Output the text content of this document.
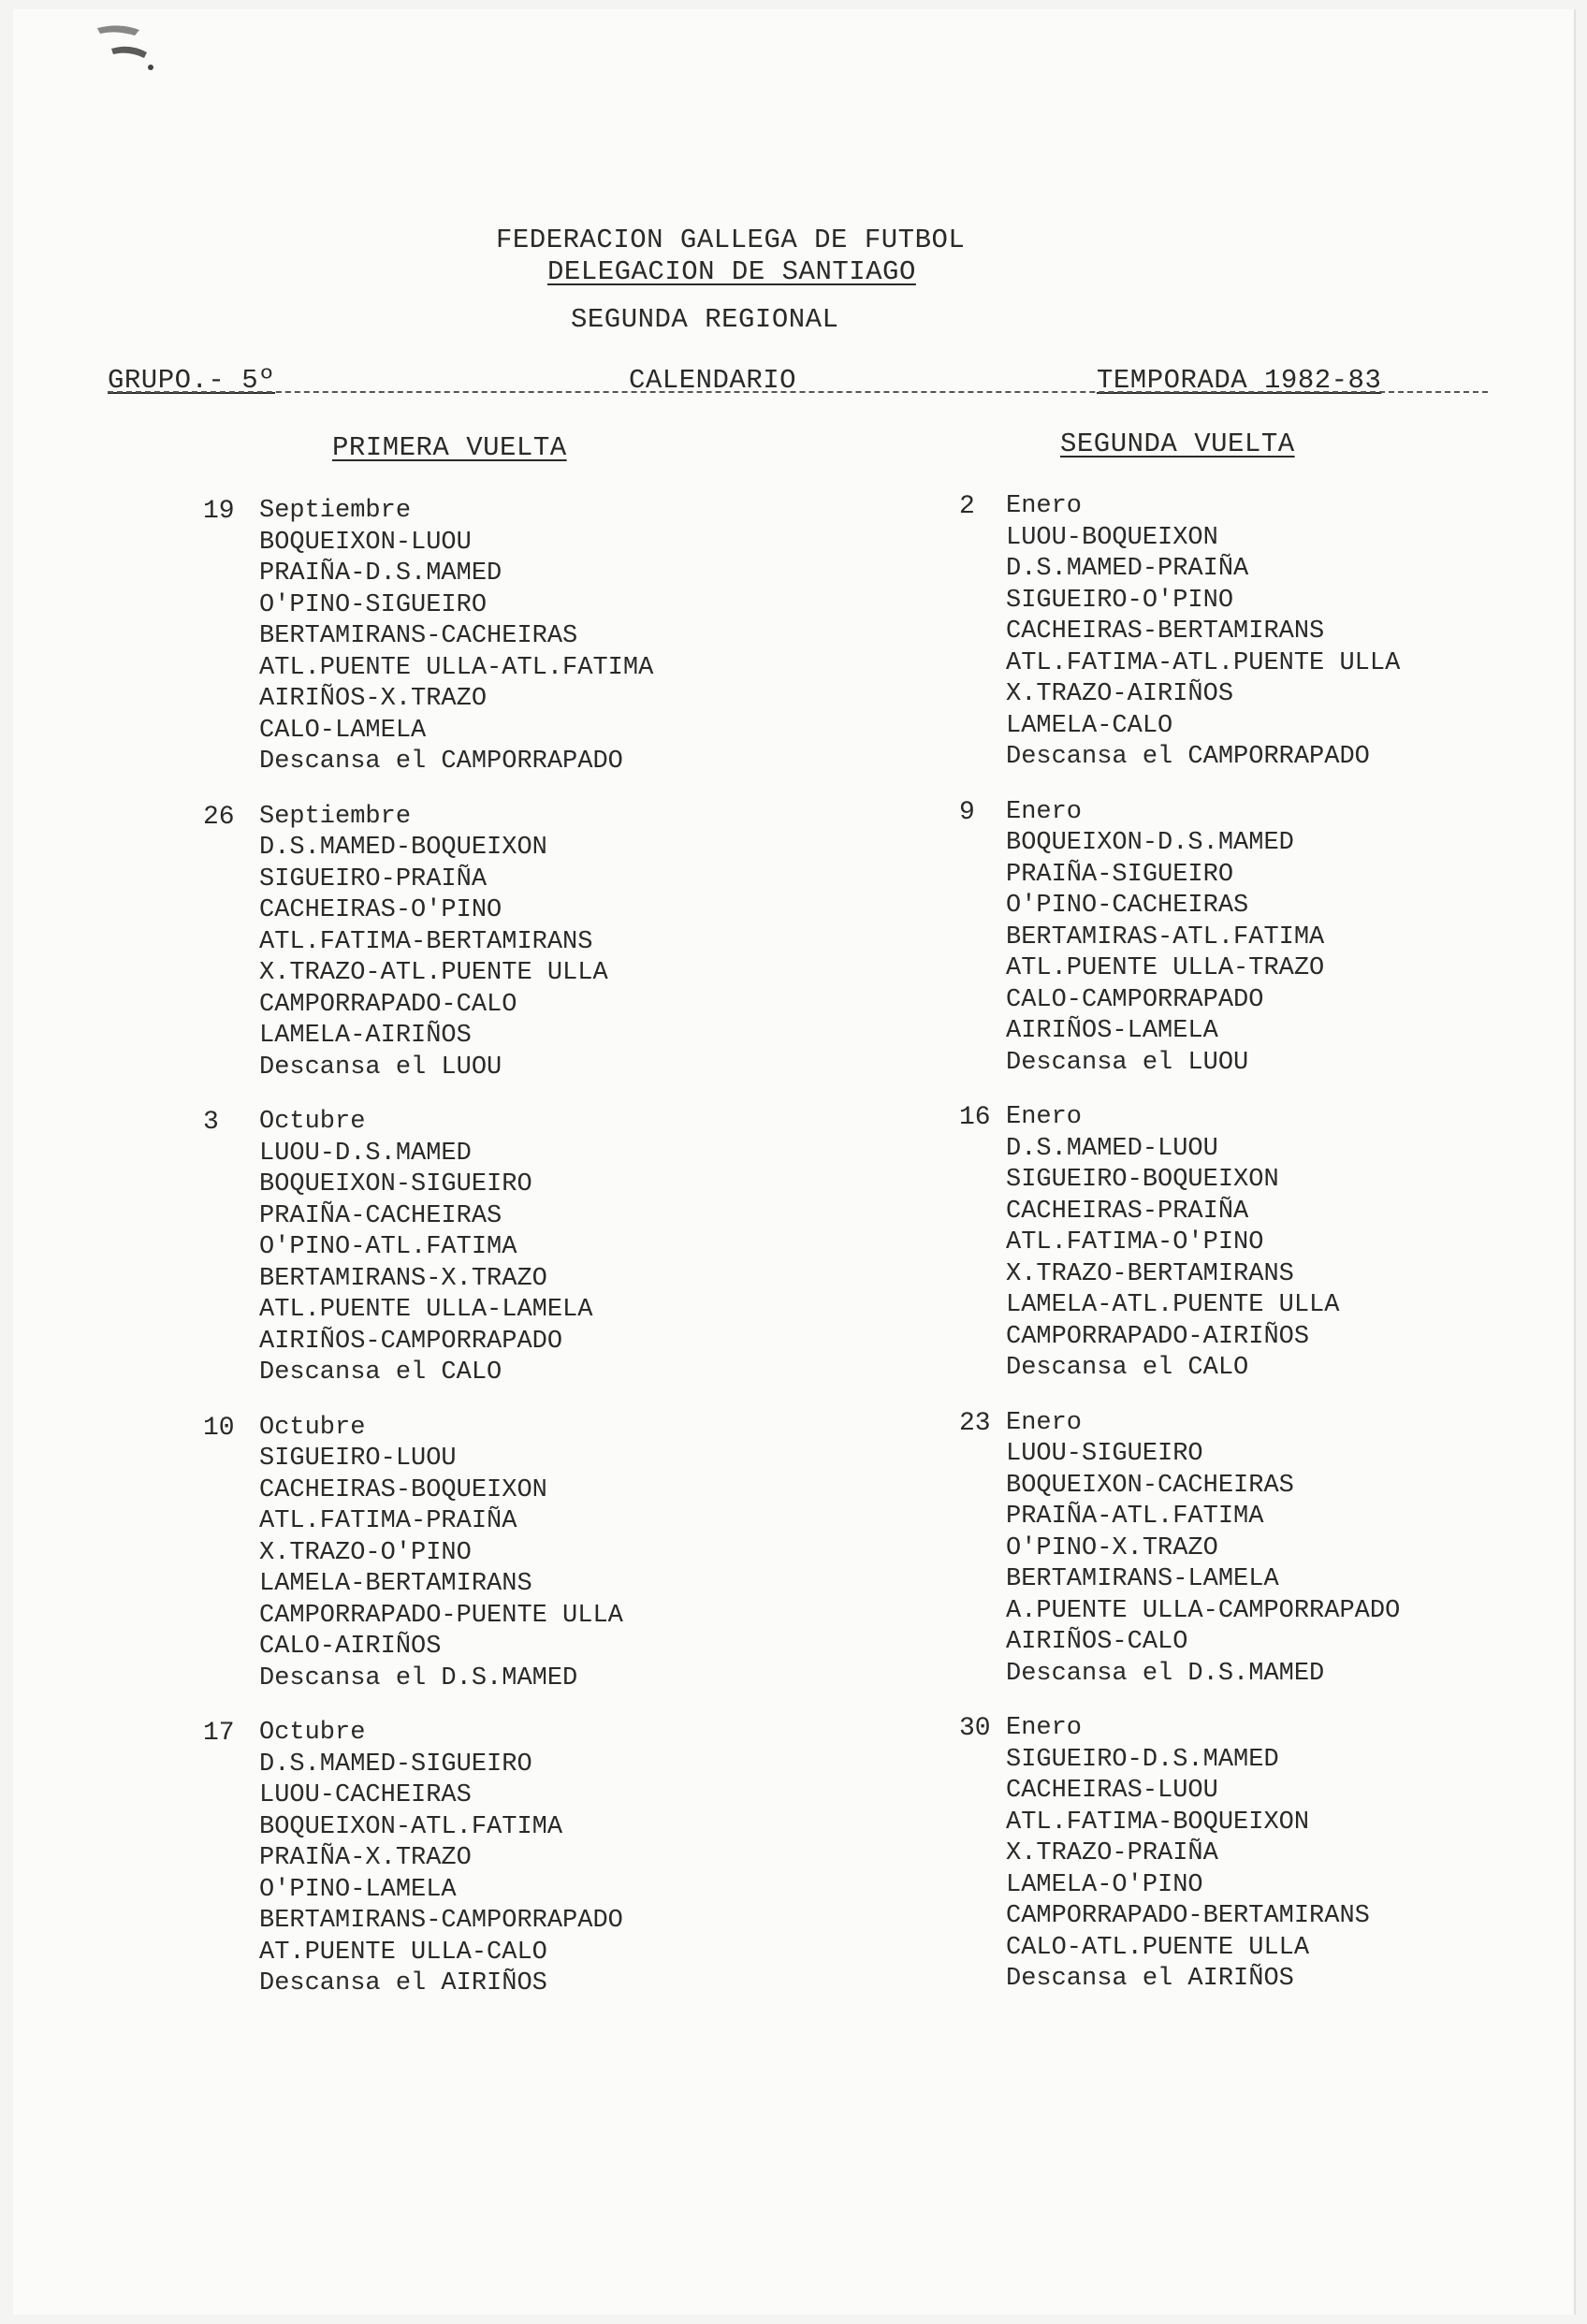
FEDERACION GALLEGA DE FUTBOL
DELEGACION DE SANTIAGO
SEGUNDA REGIONAL
GRUPO.- 5º	CALENDARIO	TEMPORADA 1982-83
PRIMERA VUELTA	SEGUNDA VUELTA
19 Septiembre
BOQUEIXON-LUOU
PRAIÑA-D.S.MAMED
O'PINO-SIGUEIRO
BERTAMIRANS-CACHEIRAS
ATL.PUENTE ULLA-ATL.FATIMA
AIRIÑOS-X.TRAZO
CALO-LAMELA
Descansa el CAMPORRAPADO
26 Septiembre
D.S.MAMED-BOQUEIXON
SIGUEIRO-PRAIÑA
CACHEIRAS-O'PINO
ATL.FATIMA-BERTAMIRANS
X.TRAZO-ATL.PUENTE ULLA
CAMPORRAPADO-CALO
LAMELA-AIRIÑOS
Descansa el LUOU
3 Octubre
LUOU-D.S.MAMED
BOQUEIXON-SIGUEIRO
PRAIÑA-CACHEIRAS
O'PINO-ATL.FATIMA
BERTAMIRANS-X.TRAZO
ATL.PUENTE ULLA-LAMELA
AIRIÑOS-CAMPORRAPADO
Descansa el CALO
10 Octubre
SIGUEIRO-LUOU
CACHEIRAS-BOQUEIXON
ATL.FATIMA-PRAIÑA
X.TRAZO-O'PINO
LAMELA-BERTAMIRANS
CAMPORRAPADO-PUENTE ULLA
CALO-AIRIÑOS
Descansa el D.S.MAMED
17 Octubre
D.S.MAMED-SIGUEIRO
LUOU-CACHEIRAS
BOQUEIXON-ATL.FATIMA
PRAIÑA-X.TRAZO
O'PINO-LAMELA
BERTAMIRANS-CAMPORRAPADO
AT.PUENTE ULLA-CALO
Descansa el AIRIÑOS
2 Enero
LUOU-BOQUEIXON
D.S.MAMED-PRAIÑA
SIGUEIRO-O'PINO
CACHEIRAS-BERTAMIRANS
ATL.FATIMA-ATL.PUENTE ULLA
X.TRAZO-AIRIÑOS
LAMELA-CALO
Descansa el CAMPORRAPADO
9 Enero
BOQUEIXON-D.S.MAMED
PRAIÑA-SIGUEIRO
O'PINO-CACHEIRAS
BERTAMIRAS-ATL.FATIMA
ATL.PUENTE ULLA-TRAZO
CALO-CAMPORRAPADO
AIRIÑOS-LAMELA
Descansa el LUOU
16 Enero
D.S.MAMED-LUOU
SIGUEIRO-BOQUEIXON
CACHEIRAS-PRAIÑA
ATL.FATIMA-O'PINO
X.TRAZO-BERTAMIRANS
LAMELA-ATL.PUENTE ULLA
CAMPORRAPADO-AIRIÑOS
Descansa el CALO
23 Enero
LUOU-SIGUEIRO
BOQUEIXON-CACHEIRAS
PRAIÑA-ATL.FATIMA
O'PINO-X.TRAZO
BERTAMIRANS-LAMELA
A.PUENTE ULLA-CAMPORRAPADO
AIRIÑOS-CALO
Descansa el D.S.MAMED
30 Enero
SIGUEIRO-D.S.MAMED
CACHEIRAS-LUOU
ATL.FATIMA-BOQUEIXON
X.TRAZO-PRAIÑA
LAMELA-O'PINO
CAMPORRAPADO-BERTAMIRANS
CALO-ATL.PUENTE ULLA
Descansa el AIRIÑOS
